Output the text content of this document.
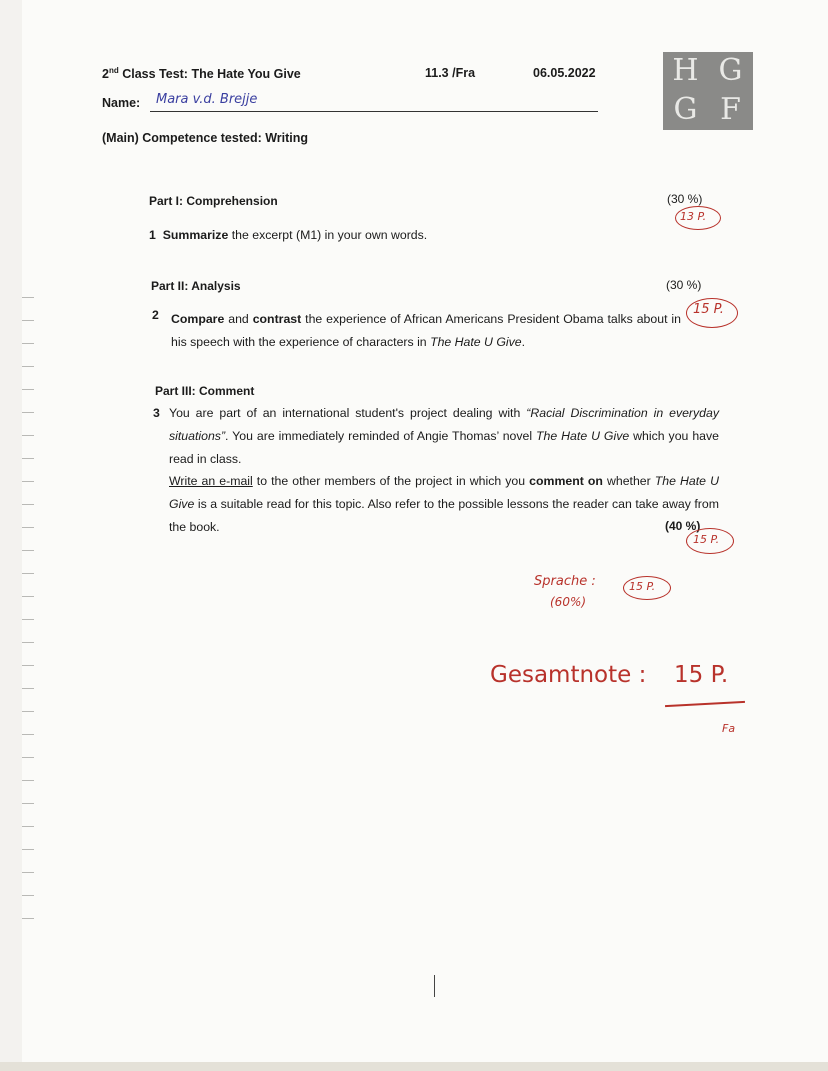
2nd Class Test: The Hate You Give	11.3 /Fra	06.05.2022
Name: Mara v.d. Brejje
(Main) Competence tested: Writing
H G
G F
Part I: Comprehension	(30 %)
13 P.
1 Summarize the excerpt (M1) in your own words.
Part II: Analysis	(30 %)
15 P.
2 Compare and contrast the experience of African Americans President Obama talks about in his speech with the experience of characters in The Hate U Give.
Part III: Comment
3 You are part of an international student's project dealing with “Racial Discrimination in everyday situations”. You are immediately reminded of Angie Thomas’ novel The Hate U Give which you have read in class.
Write an e-mail to the other members of the project in which you comment on whether The Hate U Give is a suitable read for this topic. Also refer to the possible lessons the reader can take away from the book.	(40 %)
15 P.
Sprache :
(60%)
15 P.
Gesamtnote : 15 P.
Fa
